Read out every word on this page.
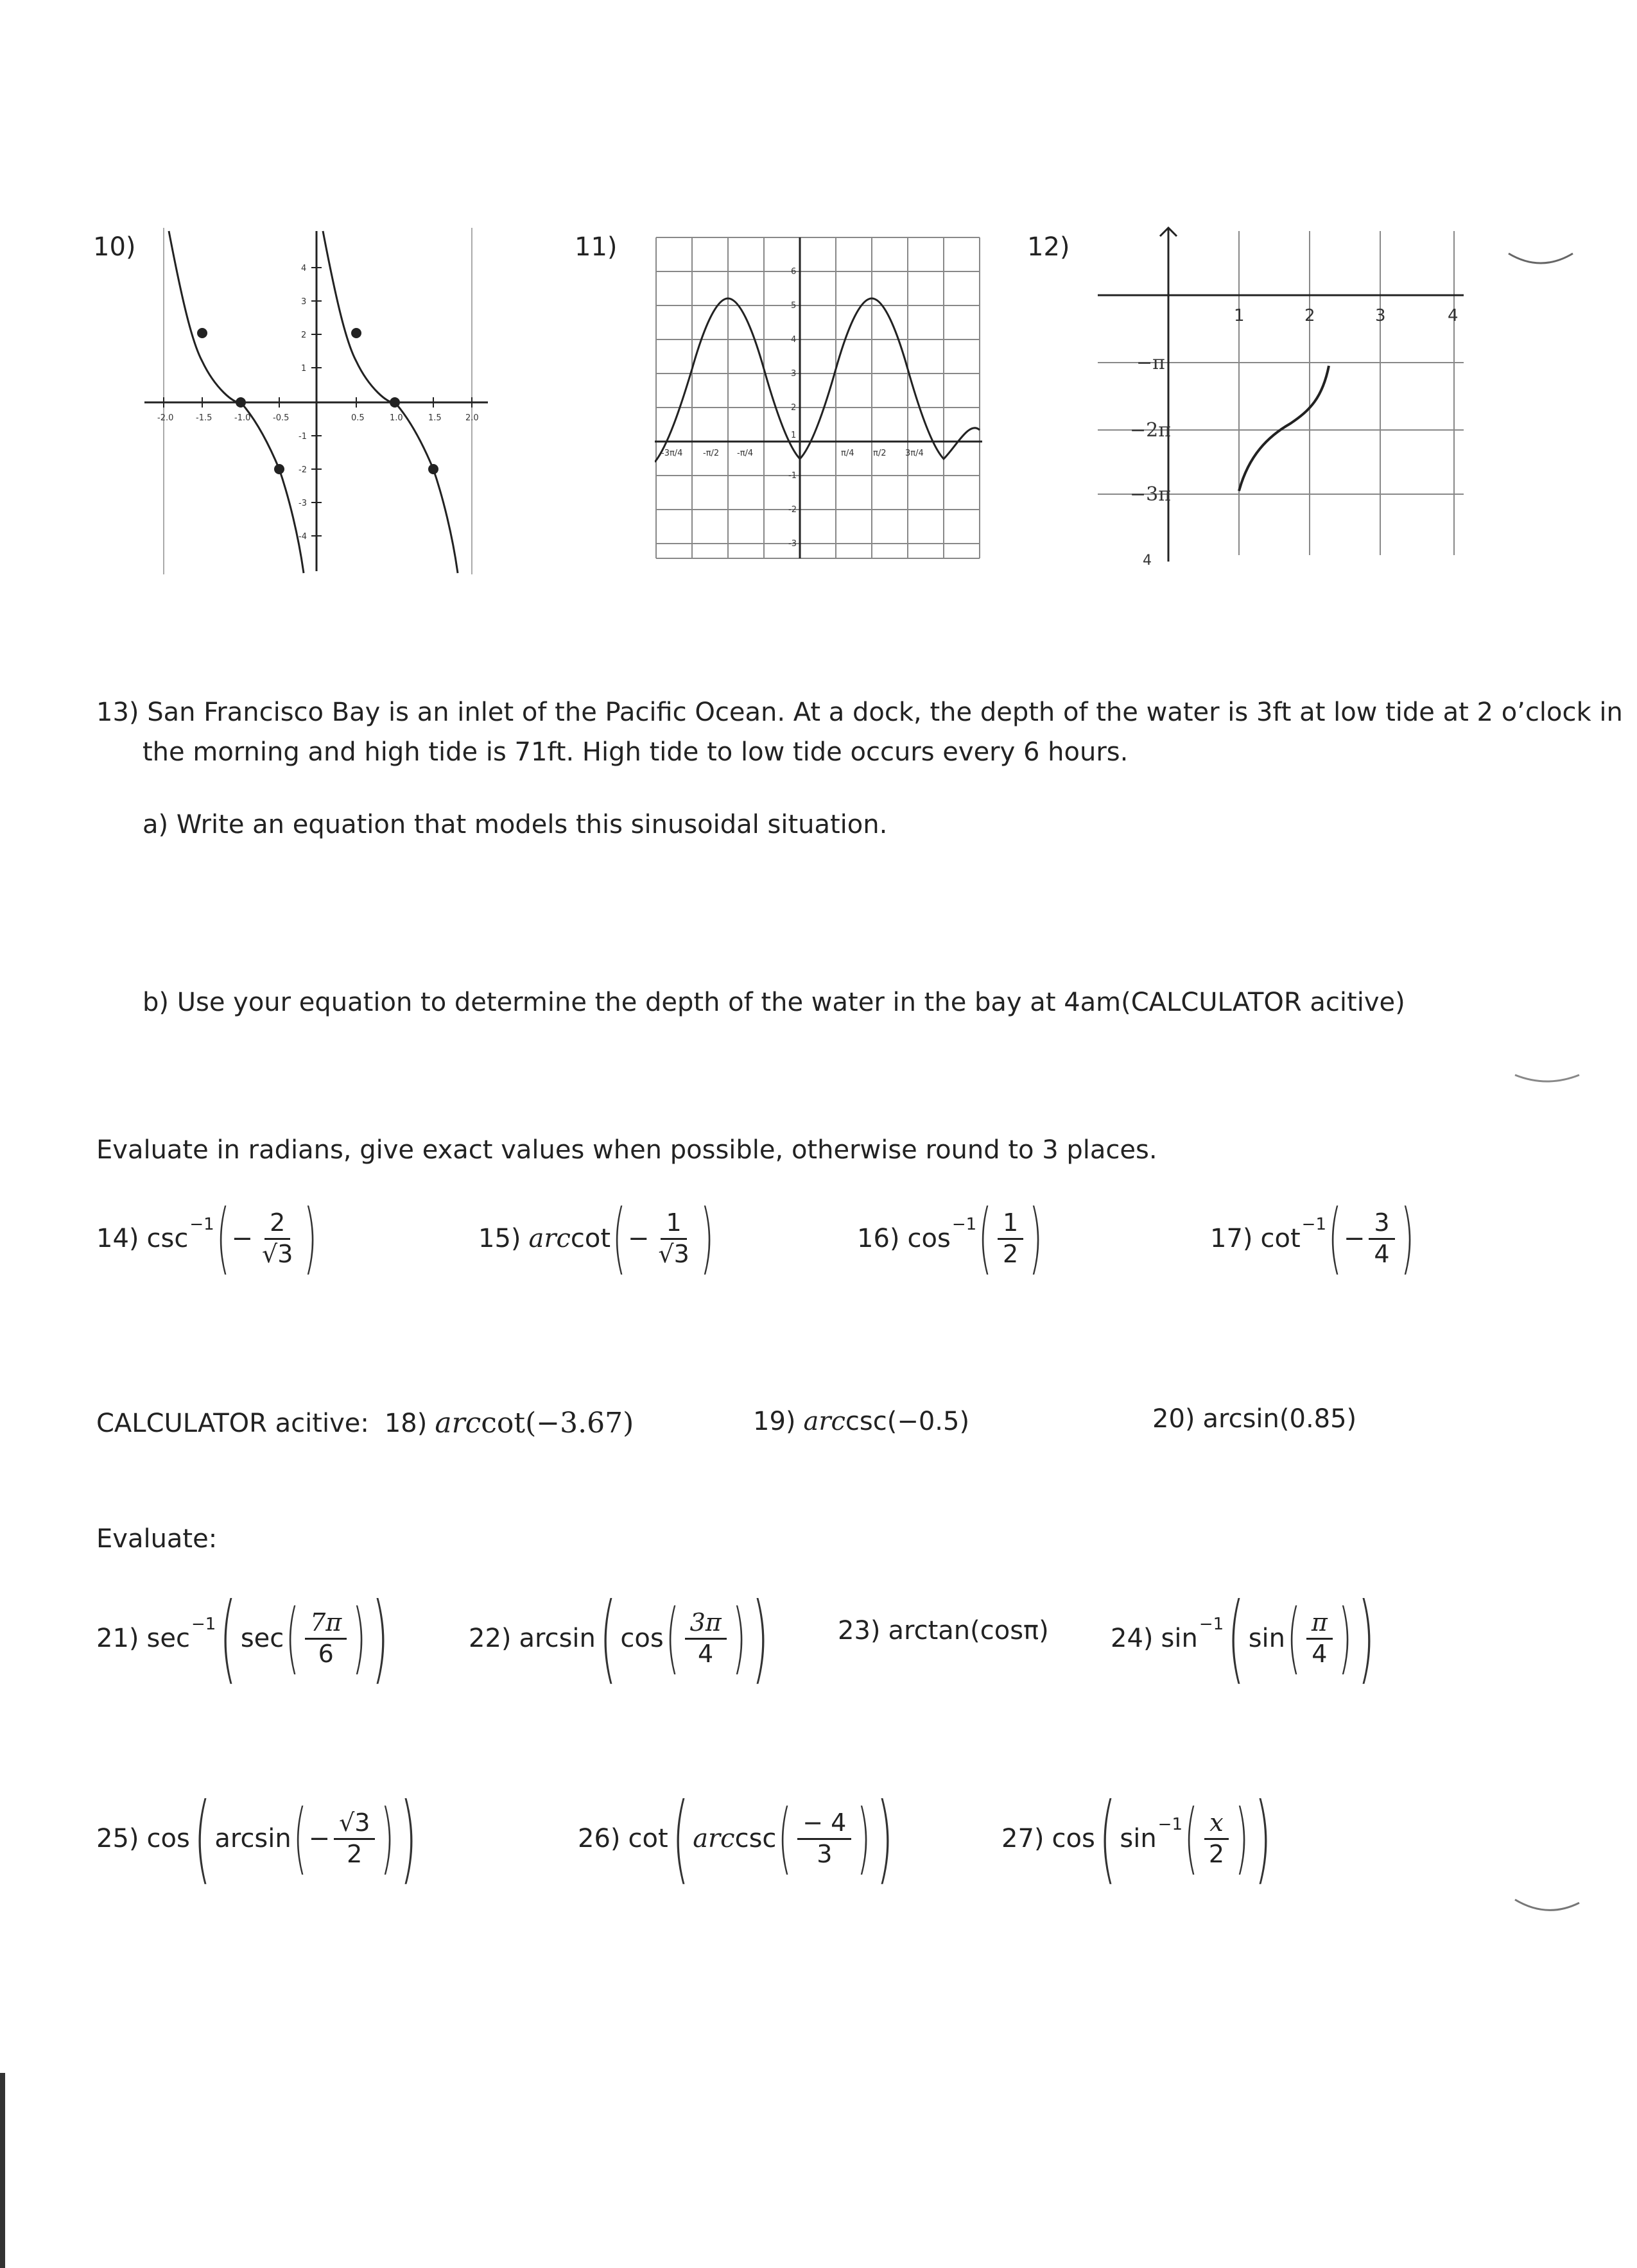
10)
-2.0	-1.5	-1.0	-0.5	0.5	1.0	1.5	2.0
4
3
2
1
-1
-2
-3
-4
11)
-3π/4 -π/2 -π/4	π/4 π/2 3π/4
6
5
4
3
2
1
-1
-2
-3
12)
1	2	3	4
−π
−2π
−3π
4
13) San Francisco Bay is an inlet of the Pacific Ocean. At a dock, the depth of the water is 3ft at low tide at 2 o’clock in
the morning and high tide is 71ft. High tide to low tide occurs every 6 hours.
a) Write an equation that models this sinusoidal situation.
b) Use your equation to determine the depth of the water in the bay at 4am(CALCULATOR acitive)
Evaluate in radians, give exact values when possible, otherwise round to 3 places.
14) csc −1 ( − $\frac{2}{√3}$ )	15) arc cot ( − $\frac{1}{√3}$ )	16) cos −1 ( $\frac{1}{2}$ )	17) cot −1 ( − $\frac{3}{4}$ )
CALCULATOR acitive: 18) arc cot(−3.67)	19) arc csc(−0.5)	20) arcsin(0.85)
Evaluate:
21) sec −1 ( sec ( $\frac{7\pi}{6}$ ) )	22) arcsin ( cos ( $\frac{3\pi}{4}$ ) )	23) arctan(cosπ) 24) sin −1 ( sin ( $\frac{\pi}{4}$ ) )
25) cos ( arcsin ( − $\frac{√3}{2}$ ) )	26) cot ( arc csc ( $\frac{- 4}{3}$ ) )	27) cos ( sin −1 ( $\frac{x}{2}$ ) )
